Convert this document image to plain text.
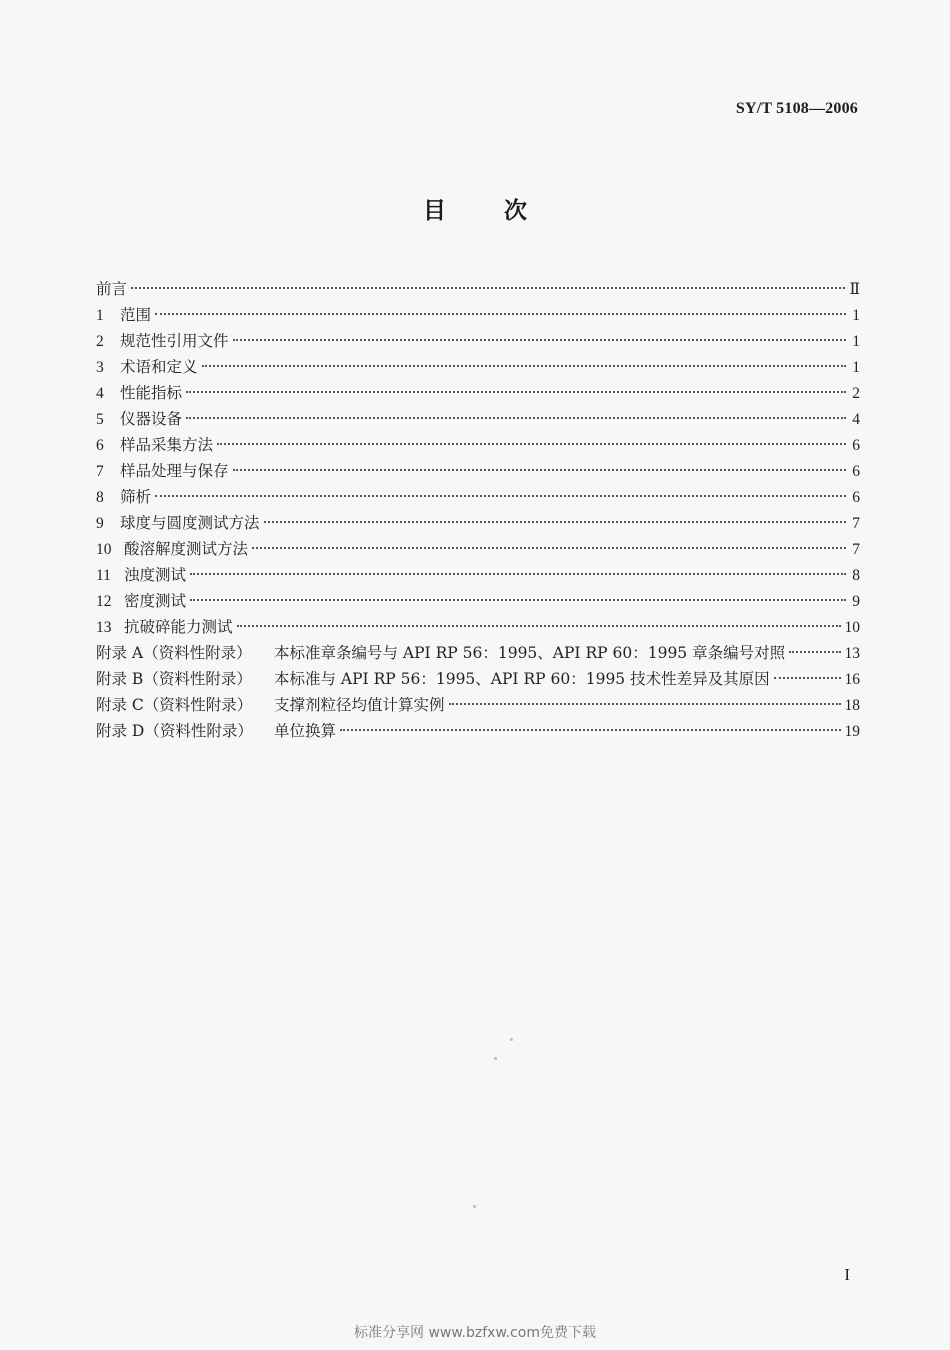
SY/T 5108—2006
目次
前言	Ⅱ
1	范围	1
2	规范性引用文件	1
3	术语和定义	1
4	性能指标	2
5	仪器设备	4
6	样品采集方法	6
7	样品处理与保存	6
8	筛析	6
9	球度与圆度测试方法	7
10 酸溶解度测试方法	7
11 浊度测试	8
12 密度测试	9
13 抗破碎能力测试	10
附录 A（资料性附录）	本标准章条编号与 API RP 56：1995、API RP 60：1995 章条编号对照	13
附录 B（资料性附录）	本标准与 API RP 56：1995、API RP 60：1995 技术性差异及其原因	16
附录 C（资料性附录）	支撑剂粒径均值计算实例	18
附录 D（资料性附录）	单位换算	19
I
标准分享网 www.bzfxw.com免费下载
